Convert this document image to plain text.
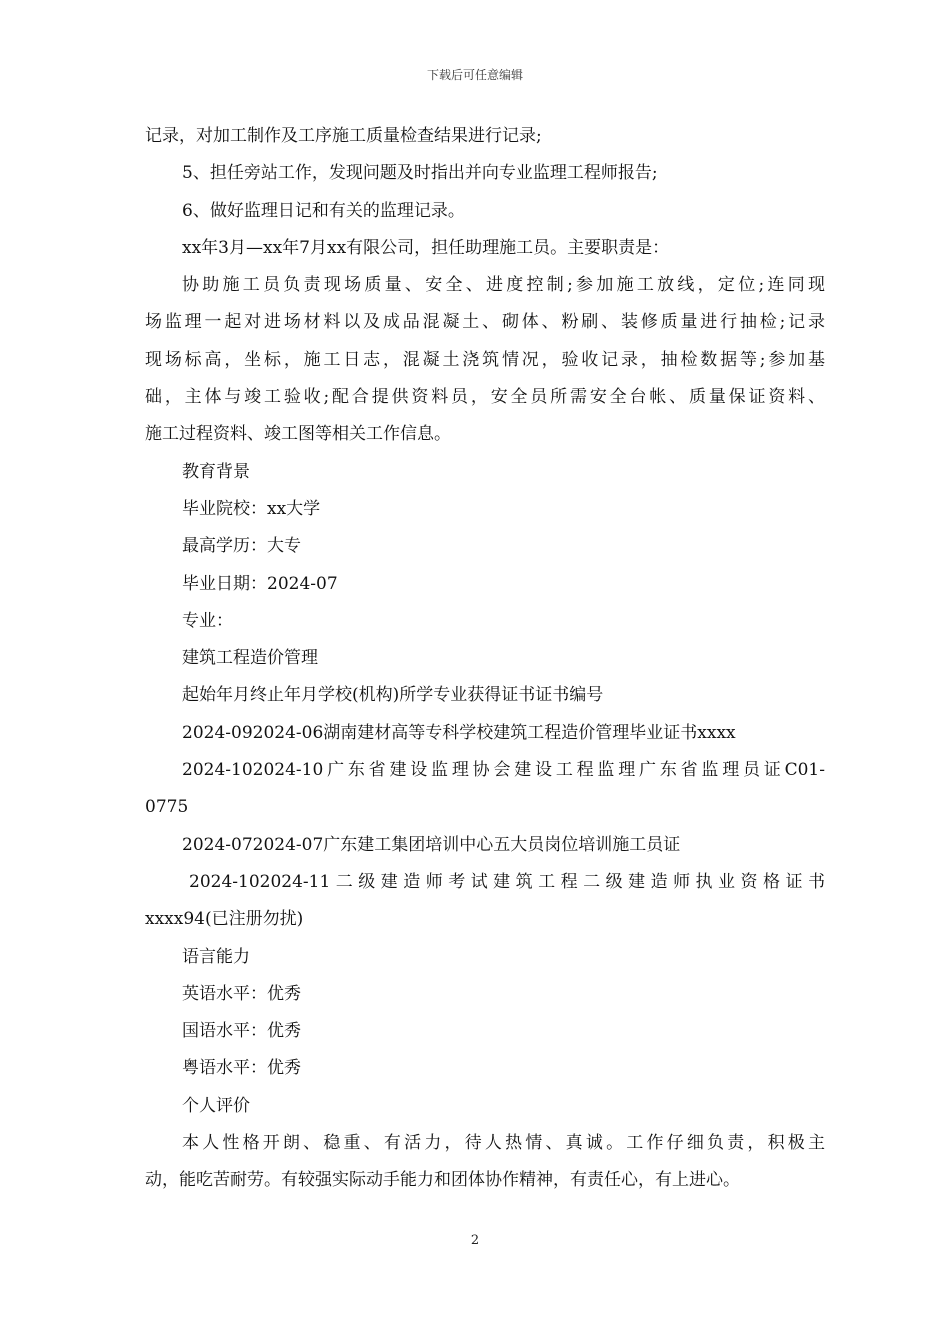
下载后可任意编辑
记录，对加工制作及工序施工质量检查结果进行记录;
5、担任旁站工作，发现问题及时指出并向专业监理工程师报告;
6、做好监理日记和有关的监理记录。
xx年3月—xx年7月xx有限公司，担任助理施工员。主要职责是：
协助施工员负责现场质量、安全、进度控制;参加施工放线，定位;连同现
场监理一起对进场材料以及成品混凝土、砌体、粉刷、装修质量进行抽检;记录
现场标高，坐标，施工日志，混凝土浇筑情况，验收记录，抽检数据等;参加基
础，主体与竣工验收;配合提供资料员，安全员所需安全台帐、质量保证资料、
施工过程资料、竣工图等相关工作信息。
教育背景
毕业院校：xx大学
最高学历：大专
毕业日期：2024-07
专业：
建筑工程造价管理
起始年月终止年月学校(机构)所学专业获得证书证书编号
2024-092024-06湖南建材高等专科学校建筑工程造价管理毕业证书xxxx
2024-102024-10广东省建设监理协会建设工程监理广东省监理员证C01-
0775
2024-072024-07广东建工集团培训中心五大员岗位培训施工员证
2024-102024-11二级建造师考试建筑工程二级建造师执业资格证书
xxxx94(已注册勿扰)
语言能力
英语水平：优秀
国语水平：优秀
粤语水平：优秀
个人评价
本人性格开朗、稳重、有活力，待人热情、真诚。工作仔细负责，积极主
动，能吃苦耐劳。有较强实际动手能力和团体协作精神，有责任心，有上进心。
2
